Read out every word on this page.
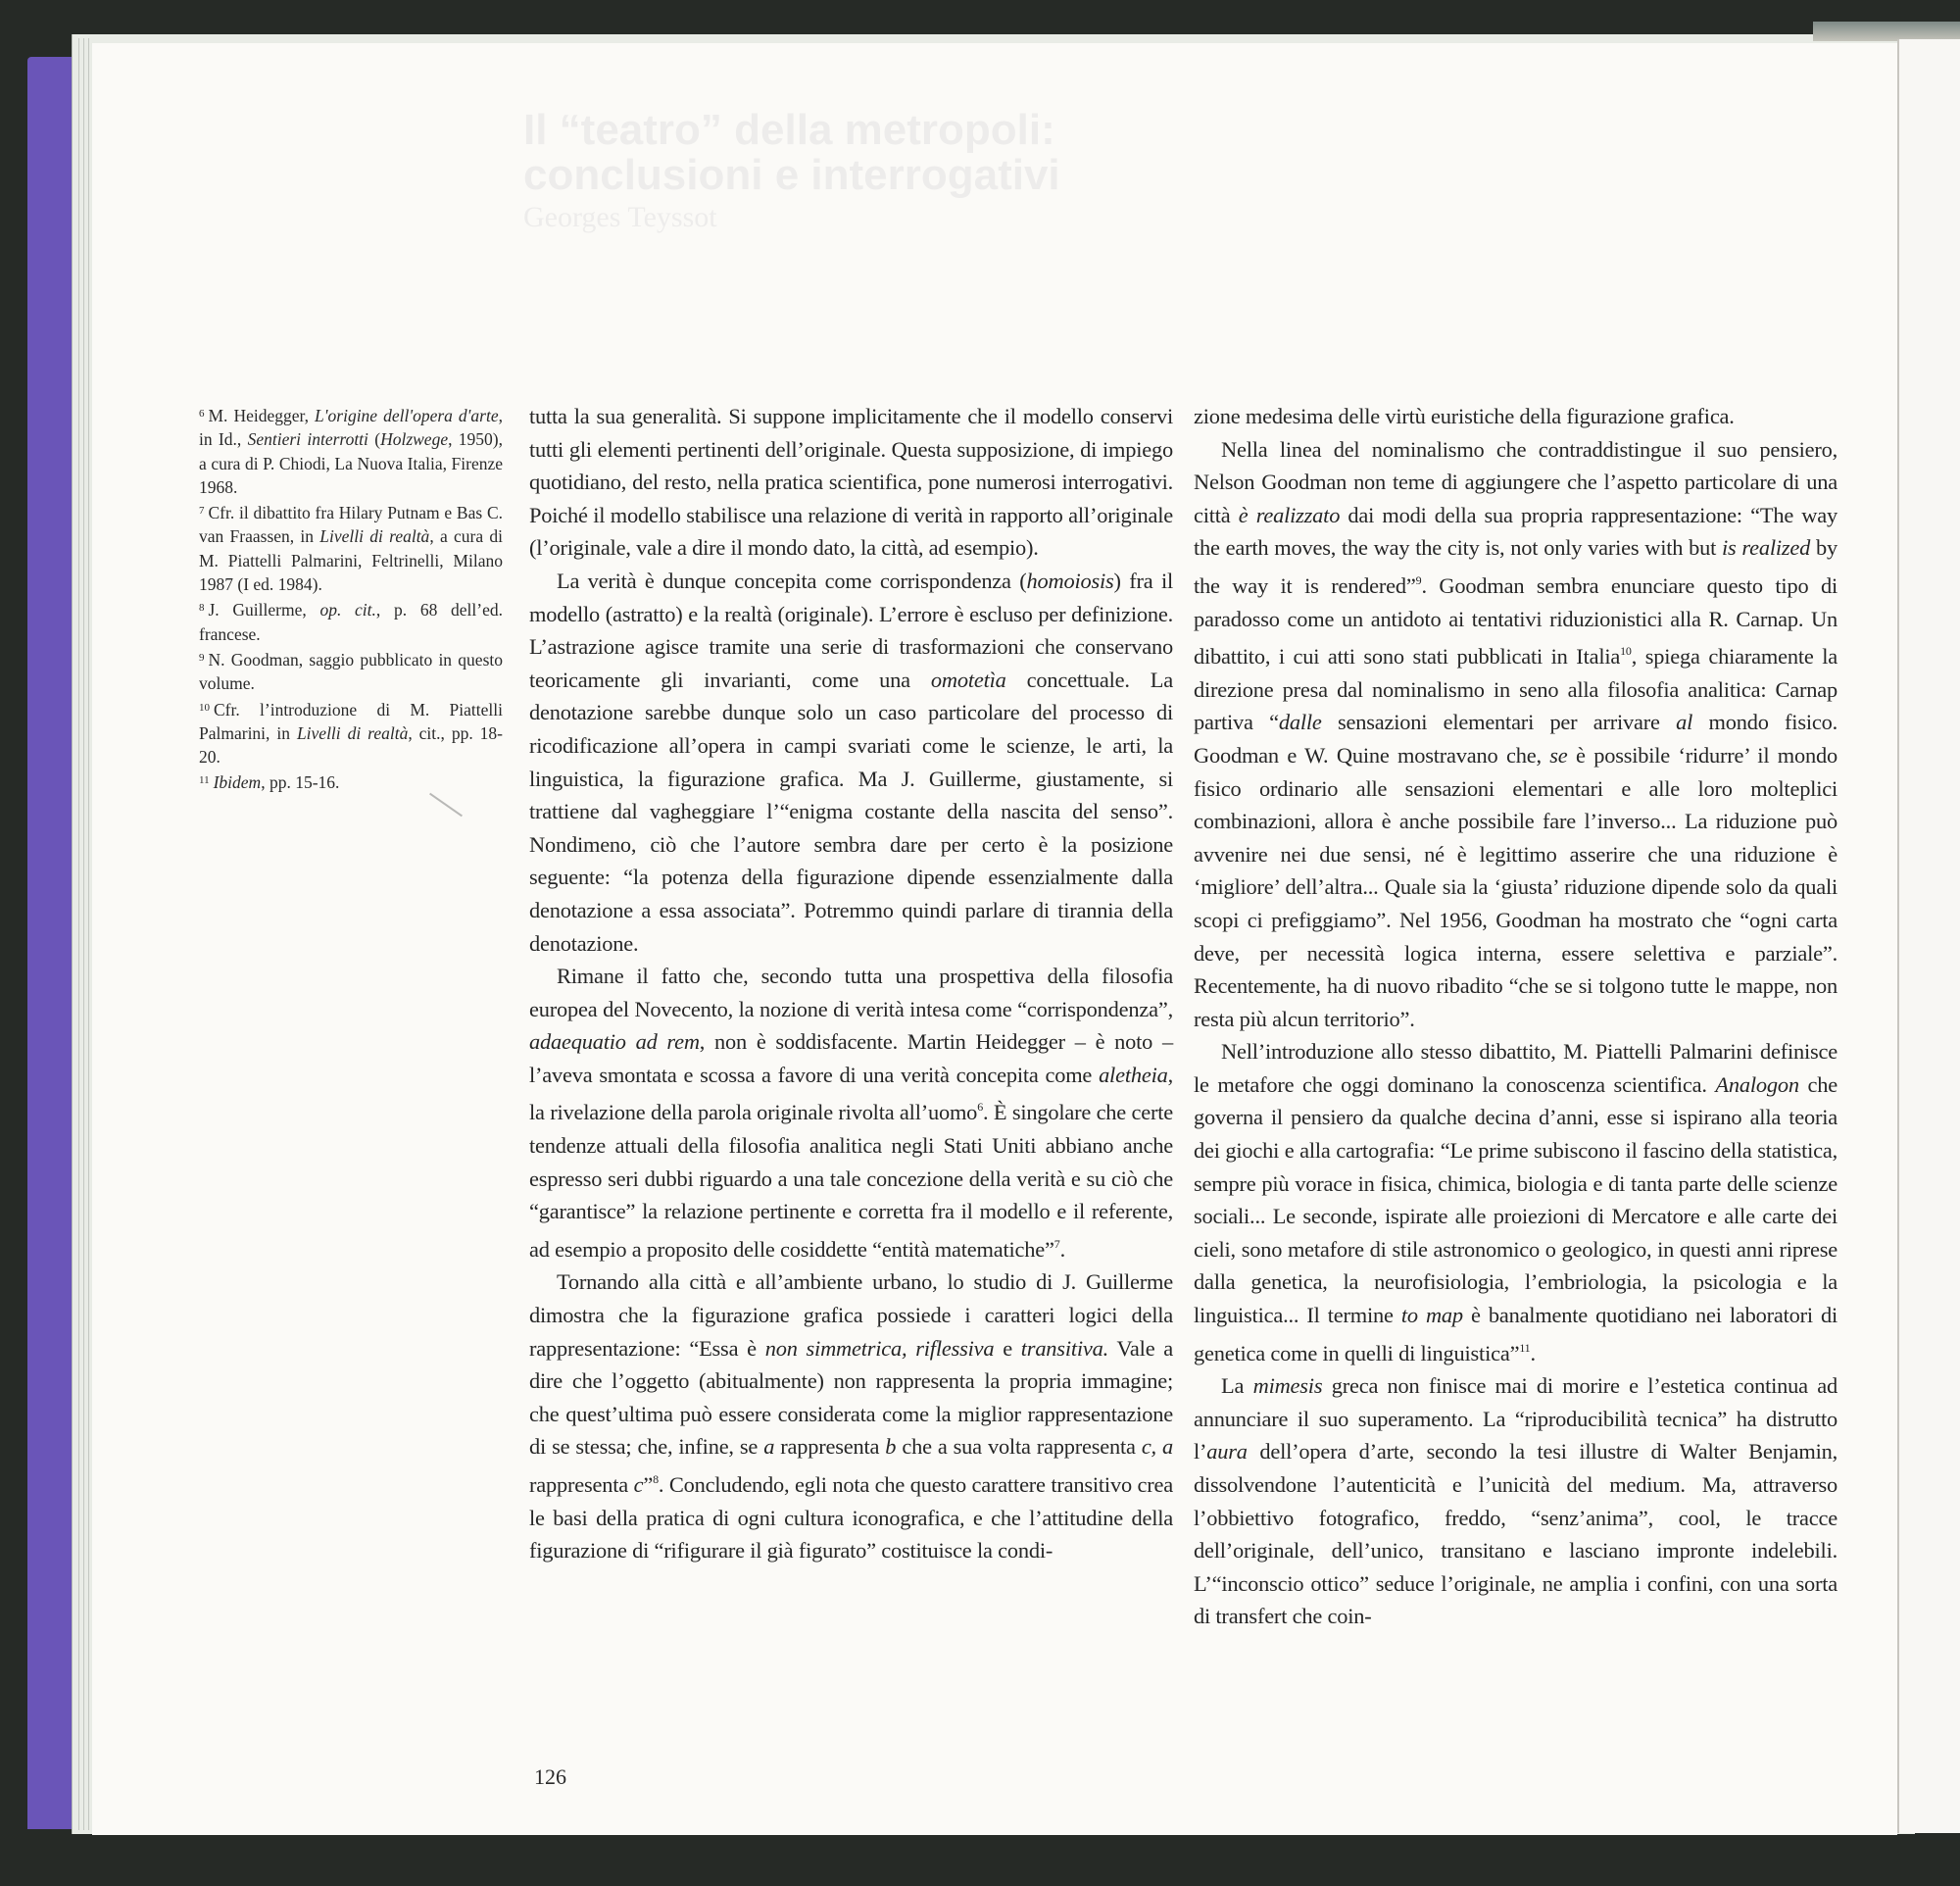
Il “teatro” della metropoli:
conclusioni e interrogativi
Georges Teyssot

$^6$ M. Heidegger, L'origine dell'opera d'arte, in Id., Sentieri interrotti (Holzwege, 1950), a cura di P. Chiodi, La Nuova Italia, Firenze 1968.

$^7$ Cfr. il dibattito fra Hilary Putnam e Bas C. van Fraassen, in Livelli di realtà, a cura di M. Piattelli Palmarini, Feltrinelli, Milano 1987 (I ed. 1984).

$^8$ J. Guillerme, op. cit., p. 68 dell’ed. francese.

$^9$ N. Goodman, saggio pubblicato in questo volume.

$^{10}$ Cfr. l’introduzione di M. Piattelli Palmarini, in Livelli di realtà, cit., pp. 18-20.

$^{11}$ Ibidem, pp. 15-16.

tutta la sua generalità. Si suppone implicitamente che il modello conservi tutti gli elementi pertinenti dell’originale. Questa supposizione, di impiego quotidiano, del resto, nella pratica scientifica, pone numerosi interrogativi. Poiché il modello stabilisce una relazione di verità in rapporto all’originale (l’originale, vale a dire il mondo dato, la città, ad esempio).

La verità è dunque concepita come corrispondenza (homoiosis) fra il modello (astratto) e la realtà (originale). L’errore è escluso per definizione. L’astrazione agisce tramite una serie di trasformazioni che conservano teoricamente gli invarianti, come una omotetìa concettuale. La denotazione sarebbe dunque solo un caso particolare del processo di ricodificazione all’opera in campi svariati come le scienze, le arti, la linguistica, la figurazione grafica. Ma J. Guillerme, giustamente, si trattiene dal vagheggiare l’“enigma costante della nascita del senso”. Nondimeno, ciò che l’autore sembra dare per certo è la posizione seguente: “la potenza della figurazione dipende essenzialmente dalla denotazione a essa associata”. Potremmo quindi parlare di tirannia della denotazione.

Rimane il fatto che, secondo tutta una prospettiva della filosofia europea del Novecento, la nozione di verità intesa come “corrispondenza”, adaequatio ad rem, non è soddisfacente. Martin Heidegger – è noto – l’aveva smontata e scossa a favore di una verità concepita come aletheia, la rivelazione della parola originale rivolta all’uomo$^6$. È singolare che certe tendenze attuali della filosofia analitica negli Stati Uniti abbiano anche espresso seri dubbi riguardo a una tale concezione della verità e su ciò che “garantisce” la relazione pertinente e corretta fra il modello e il referente, ad esempio a proposito delle cosiddette “entità matematiche”$^7$.

Tornando alla città e all’ambiente urbano, lo studio di J. Guillerme dimostra che la figurazione grafica possiede i caratteri logici della rappresentazione: “Essa è non simmetrica, riflessiva e transitiva. Vale a dire che l’oggetto (abitualmente) non rappresenta la propria immagine; che quest’ultima può essere considerata come la miglior rappresentazione di se stessa; che, infine, se a rappresenta b che a sua volta rappresenta c, a rappresenta c”$^8$. Concludendo, egli nota che questo carattere transitivo crea le basi della pratica di ogni cultura iconografica, e che l’attitudine della figurazione di “rifigurare il già figurato” costituisce la condi-

zione medesima delle virtù euristiche della figurazione grafica.

Nella linea del nominalismo che contraddistingue il suo pensiero, Nelson Goodman non teme di aggiungere che l’aspetto particolare di una città è realizzato dai modi della sua propria rappresentazione: “The way the earth moves, the way the city is, not only varies with but is realized by the way it is rendered”$^9$. Goodman sembra enunciare questo tipo di paradosso come un antidoto ai tentativi riduzionistici alla R. Carnap. Un dibattito, i cui atti sono stati pubblicati in Italia$^{10}$, spiega chiaramente la direzione presa dal nominalismo in seno alla filosofia analitica: Carnap partiva “dalle sensazioni elementari per arrivare al mondo fisico. Goodman e W. Quine mostravano che, se è possibile ‘ridurre’ il mondo fisico ordinario alle sensazioni elementari e alle loro molteplici combinazioni, allora è anche possibile fare l’inverso... La riduzione può avvenire nei due sensi, né è legittimo asserire che una riduzione è ‘migliore’ dell’altra... Quale sia la ‘giusta’ riduzione dipende solo da quali scopi ci prefiggiamo”. Nel 1956, Goodman ha mostrato che “ogni carta deve, per necessità logica interna, essere selettiva e parziale”. Recentemente, ha di nuovo ribadito “che se si tolgono tutte le mappe, non resta più alcun territorio”.

Nell’introduzione allo stesso dibattito, M. Piattelli Palmarini definisce le metafore che oggi dominano la conoscenza scientifica. Analogon che governa il pensiero da qualche decina d’anni, esse si ispirano alla teoria dei giochi e alla cartografia: “Le prime subiscono il fascino della statistica, sempre più vorace in fisica, chimica, biologia e di tanta parte delle scienze sociali... Le seconde, ispirate alle proiezioni di Mercatore e alle carte dei cieli, sono metafore di stile astronomico o geologico, in questi anni riprese dalla genetica, la neurofisiologia, l’embriologia, la psicologia e la linguistica... Il termine to map è banalmente quotidiano nei laboratori di genetica come in quelli di linguistica”$^{11}$.

La mimesis greca non finisce mai di morire e l’estetica continua ad annunciare il suo superamento. La “riproducibilità tecnica” ha distrutto l’aura dell’opera d’arte, secondo la tesi illustre di Walter Benjamin, dissolvendone l’autenticità e l’unicità del medium. Ma, attraverso l’obbiettivo fotografico, freddo, “senz’anima”, cool, le tracce dell’originale, dell’unico, transitano e lasciano impronte indelebili. L’“inconscio ottico” seduce l’originale, ne amplia i confini, con una sorta di transfert che coin-

126
